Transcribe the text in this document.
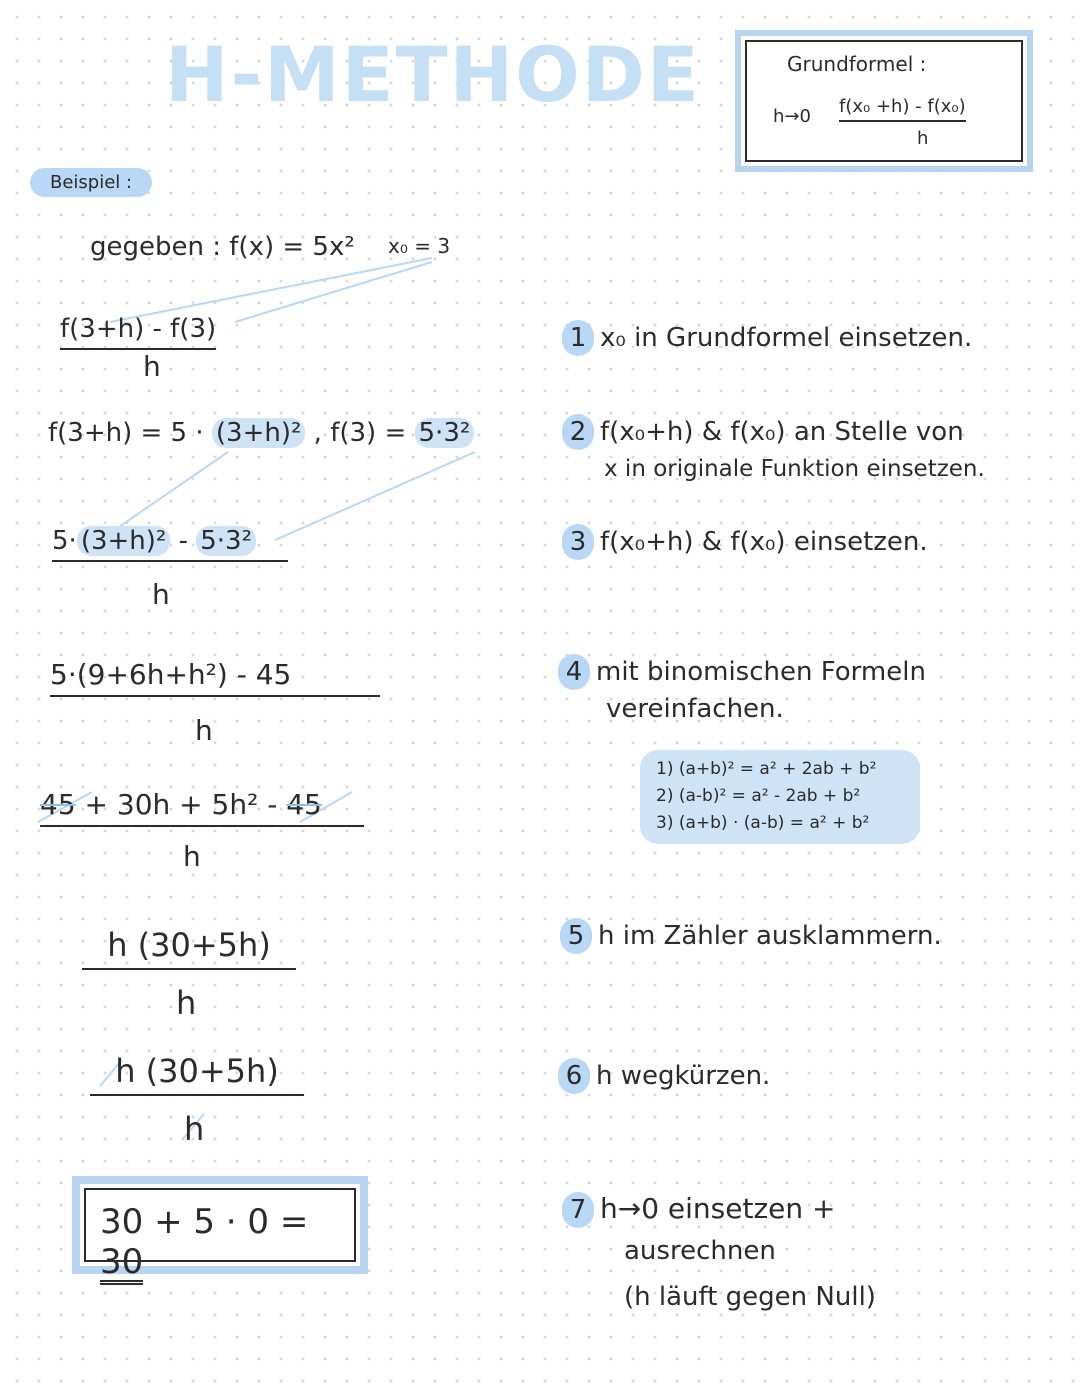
H-METHODE	Grundformel :
h→0 f(x₀ +h) - f(x₀)
h
Beispiel :
gegeben : f(x) = 5x² x₀ = 3
f(3+h) - f(3)
h
f(3+h) = 5 · (3+h)² , f(3) = 5·3²
5· (3+h)² - 5·3²
h
5·(9+6h+h²) - 45
h
45 + 30h + 5h² - 45
h
h (30+5h)
h
h (30+5h)
h
30 + 5 · 0 = 30
1 x₀ in Grundformel einsetzen.
2 f(x₀+h) & f(x₀) an Stelle von
x in originale Funktion einsetzen.
3 f(x₀+h) & f(x₀) einsetzen.
4 mit binomischen Formeln
vereinfachen.
1) (a+b)² = a² + 2ab + b²
2) (a-b)² = a² - 2ab + b²
3) (a+b) · (a-b) = a² + b²
5 h im Zähler ausklammern.
6 h wegkürzen.
7 h→0 einsetzen +
ausrechnen
(h läuft gegen Null)
